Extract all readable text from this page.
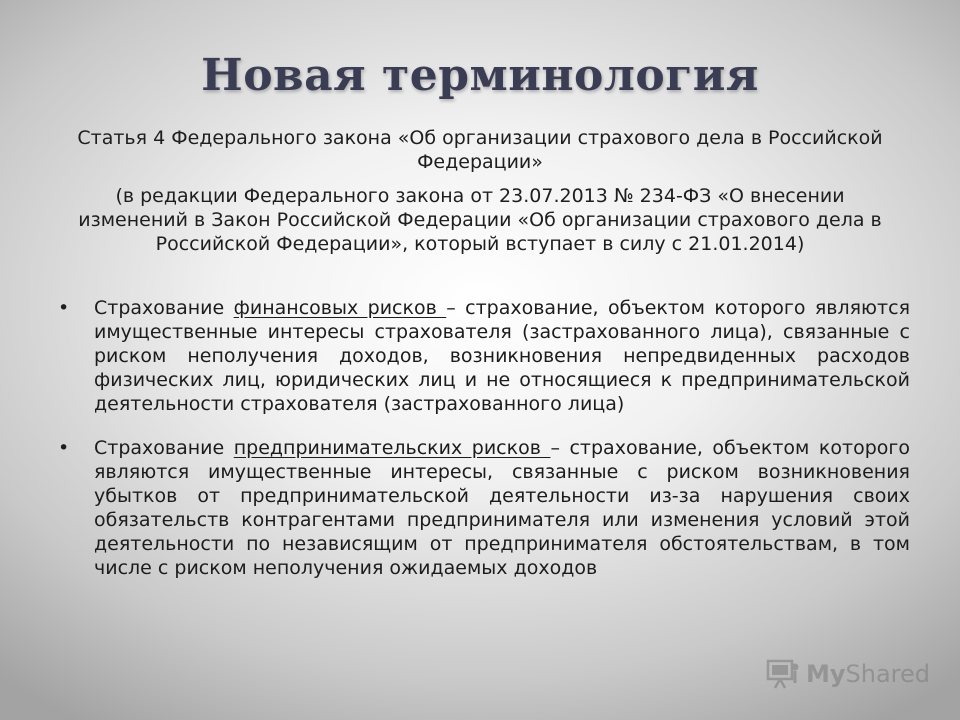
Новая терминология
Статья 4 Федерального закона «Об организации страхового дела в Российской Федерации»
(в редакции Федерального закона от 23.07.2013 № 234-ФЗ «О внесении изменений в Закон Российской Федерации «Об организации страхового дела в Российской Федерации», который вступает в силу с 21.01.2014)
• Страхование финансовых рисков – страхование, объектом которого являются имущественные интересы страхователя (застрахованного лица), связанные с риском неполучения доходов, возникновения непредвиденных расходов физических лиц, юридических лиц и не относящиеся к предпринимательской деятельности страхователя (застрахованного лица)
• Страхование предпринимательских рисков – страхование, объектом которого являются имущественные интересы, связанные с риском возникновения убытков от предпринимательской деятельности из-за нарушения своих обязательств контрагентами предпринимателя или изменения условий этой деятельности по независящим от предпринимателя обстоятельствам, в том числе с риском неполучения ожидаемых доходов
MyShared
